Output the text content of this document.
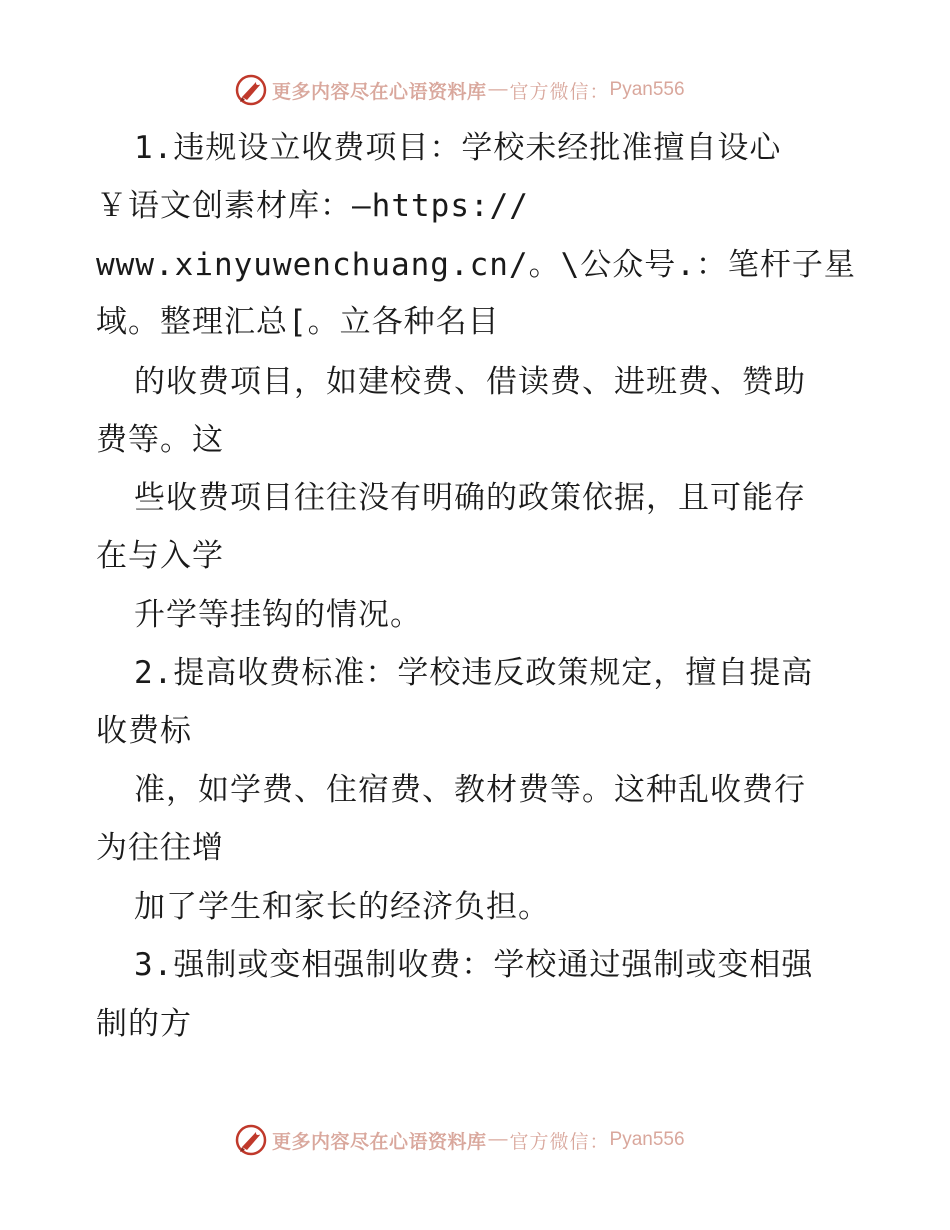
更多内容尽在心语资料库 — 官方微信： Pyan556
1.违规设立收费项目：学校未经批准擅自设心
￥语文创素材库：—https://
www.xinyuwenchuang.cn/。\公众号.：笔杆子星
域。整理汇总[。立各种名目
的收费项目，如建校费、借读费、进班费、赞助
费等。这
些收费项目往往没有明确的政策依据，且可能存
在与入学
升学等挂钩的情况。
2.提高收费标准：学校违反政策规定，擅自提高
收费标
准，如学费、住宿费、教材费等。这种乱收费行
为往往增
加了学生和家长的经济负担。
3.强制或变相强制收费：学校通过强制或变相强
制的方
更多内容尽在心语资料库 — 官方微信： Pyan556
